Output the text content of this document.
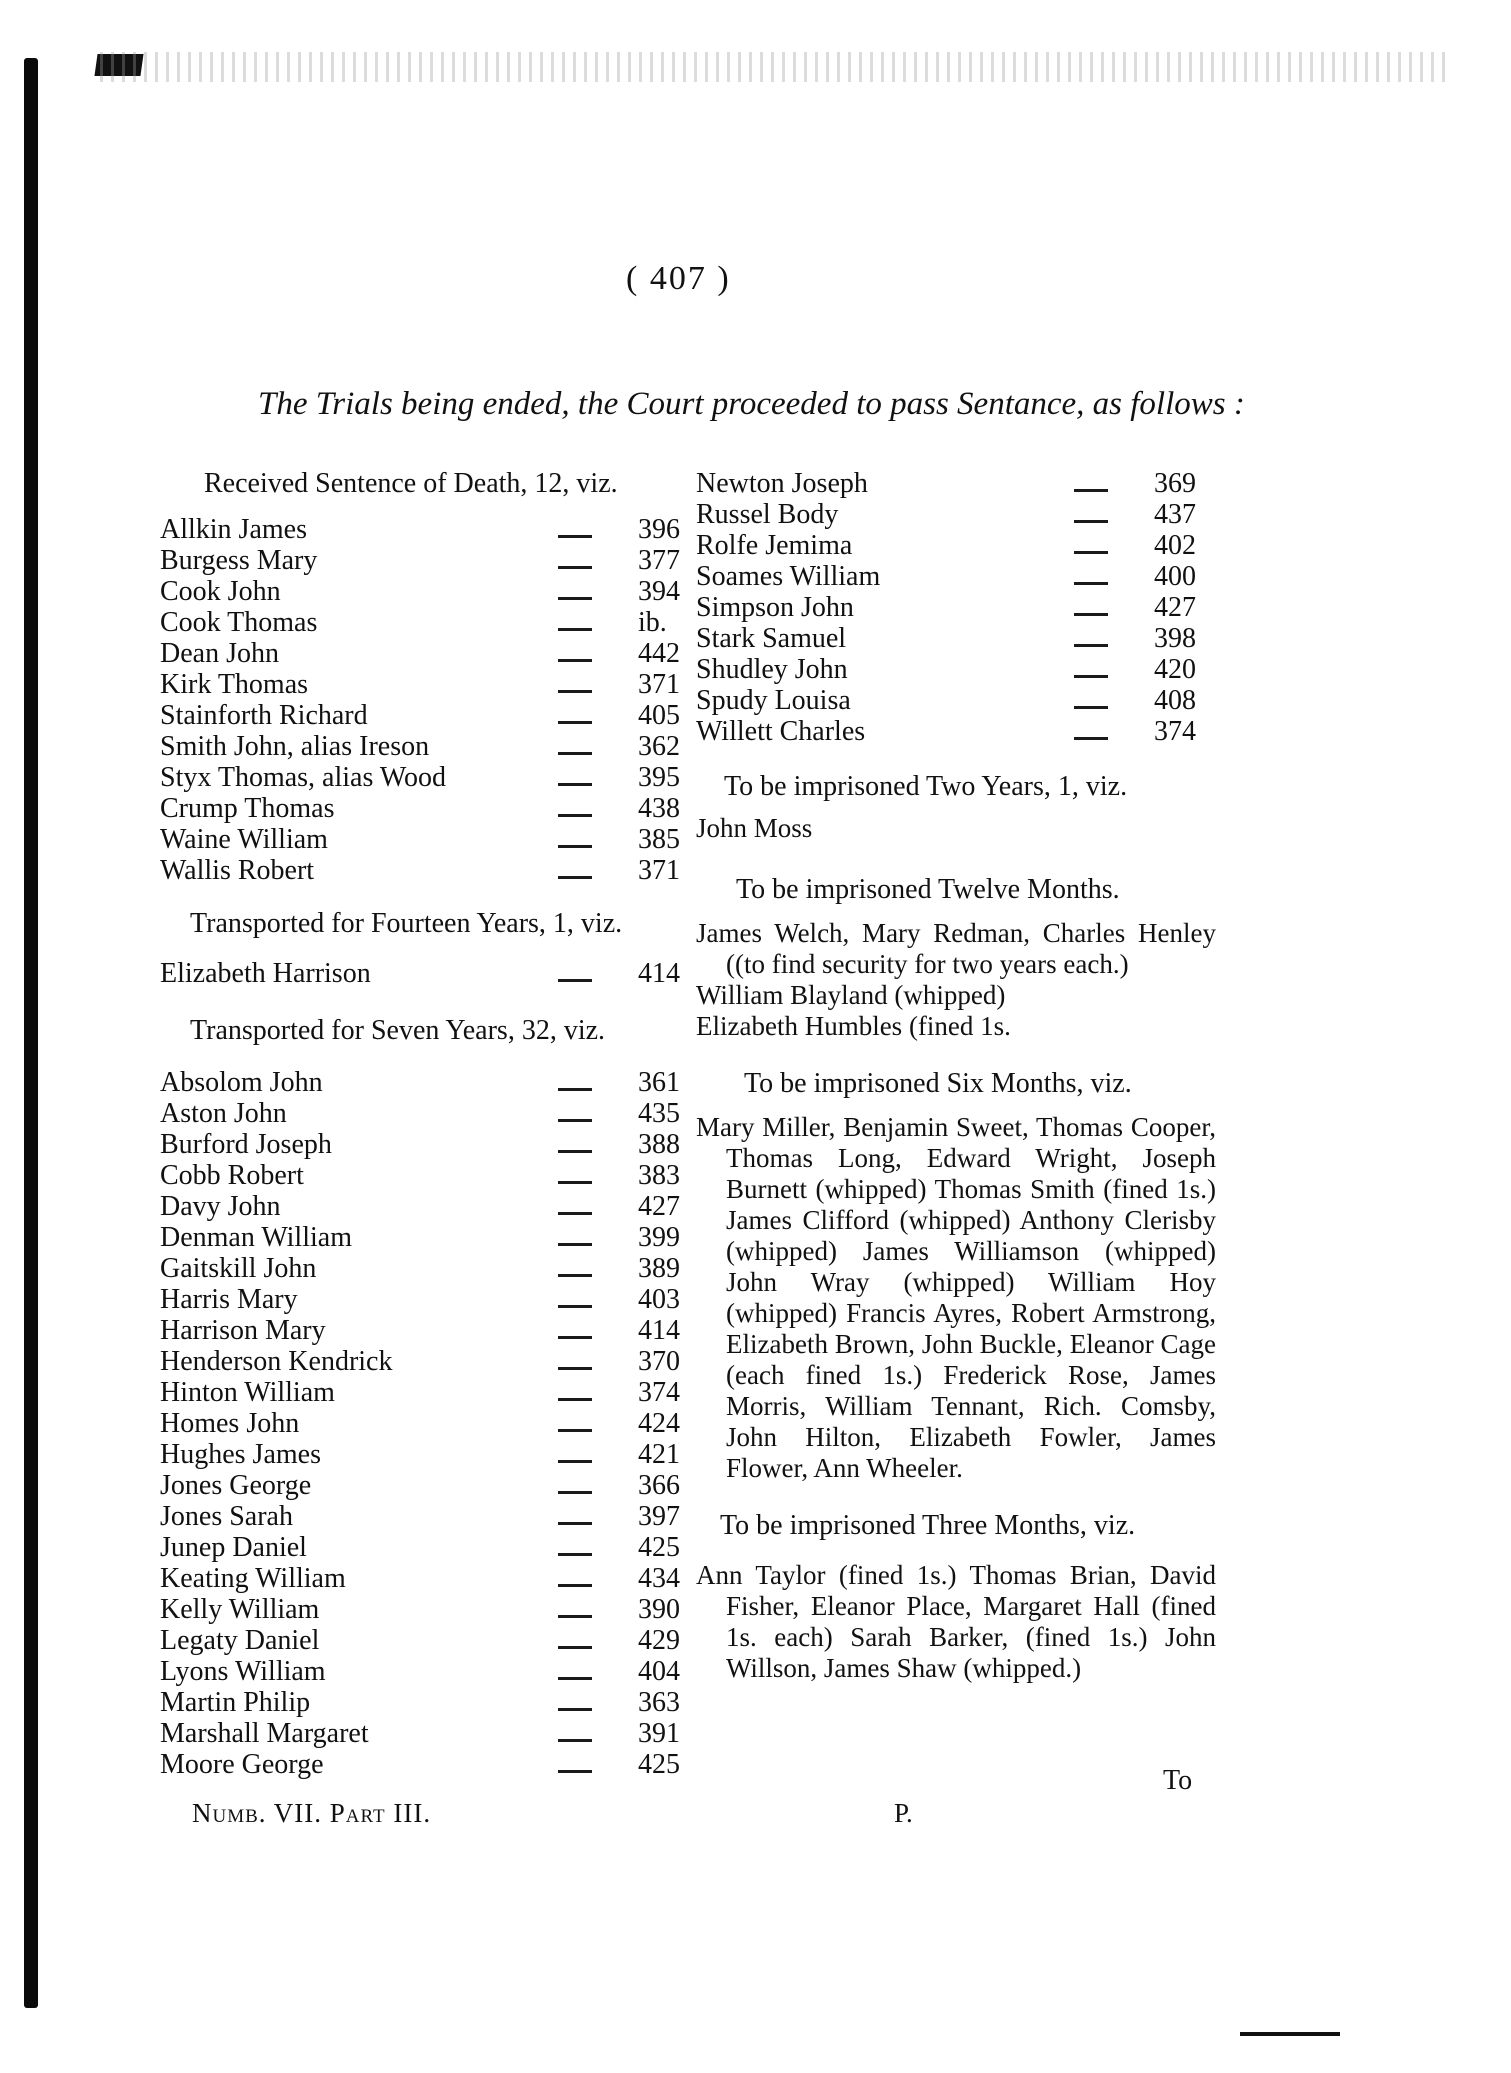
( 407 )
The Trials being ended, the Court proceeded to pass Sentance, as follows :

Received Sentence of Death, 12, viz.

Allkin James	396
Burgess Mary	377
Cook John	394
Cook Thomas	ib.
Dean John	442
Kirk Thomas	371
Stainforth Richard	405
Smith John, alias Ireson	362
Styx Thomas, alias Wood	395
Crump Thomas	438
Waine William	385
Wallis Robert	371

Transported for Fourteen Years, 1, viz.

Elizabeth Harrison	414

Transported for Seven Years, 32, viz.

Absolom John	361
Aston John	435
Burford Joseph	388
Cobb Robert	383
Davy John	427
Denman William	399
Gaitskill John	389
Harris Mary	403
Harrison Mary	414
Henderson Kendrick	370
Hinton William	374
Homes John	424
Hughes James	421
Jones George	366
Jones Sarah	397
Junep Daniel	425
Keating William	434
Kelly William	390
Legaty Daniel	429
Lyons William	404
Martin Philip	363
Marshall Margaret	391
Moore George	425
Newton Joseph	369
Russel Body	437
Rolfe Jemima	402
Soames William	400
Simpson John	427
Stark Samuel	398
Shudley John	420
Spudy Louisa	408
Willett Charles	374

To be imprisoned Two Years, 1, viz.

John Moss

To be imprisoned Twelve Months.

James Welch, Mary Redman, Charles Henley ((to find security for two years each.)

William Blayland (whipped)

Elizabeth Humbles (fined 1s.

To be imprisoned Six Months, viz.

Mary Miller, Benjamin Sweet, Thomas Cooper, Thomas Long, Edward Wright, Joseph Burnett (whipped) Thomas Smith (fined 1s.) James Clifford (whipped) Anthony Clerisby (whipped) James Williamson (whipped) John Wray (whipped) William Hoy (whipped) Francis Ayres, Robert Armstrong, Elizabeth Brown, John Buckle, Eleanor Cage (each fined 1s.) Frederick Rose, James Morris, William Tennant, Rich. Comsby, John Hilton, Elizabeth Fowler, James Flower, Ann Wheeler.

To be imprisoned Three Months, viz.

Ann Taylor (fined 1s.) Thomas Brian, David Fisher, Eleanor Place, Margaret Hall (fined 1s. each) Sarah Barker, (fined 1s.) John Willson, James Shaw (whipped.)

To
Numb. VII. Part III.	P.
